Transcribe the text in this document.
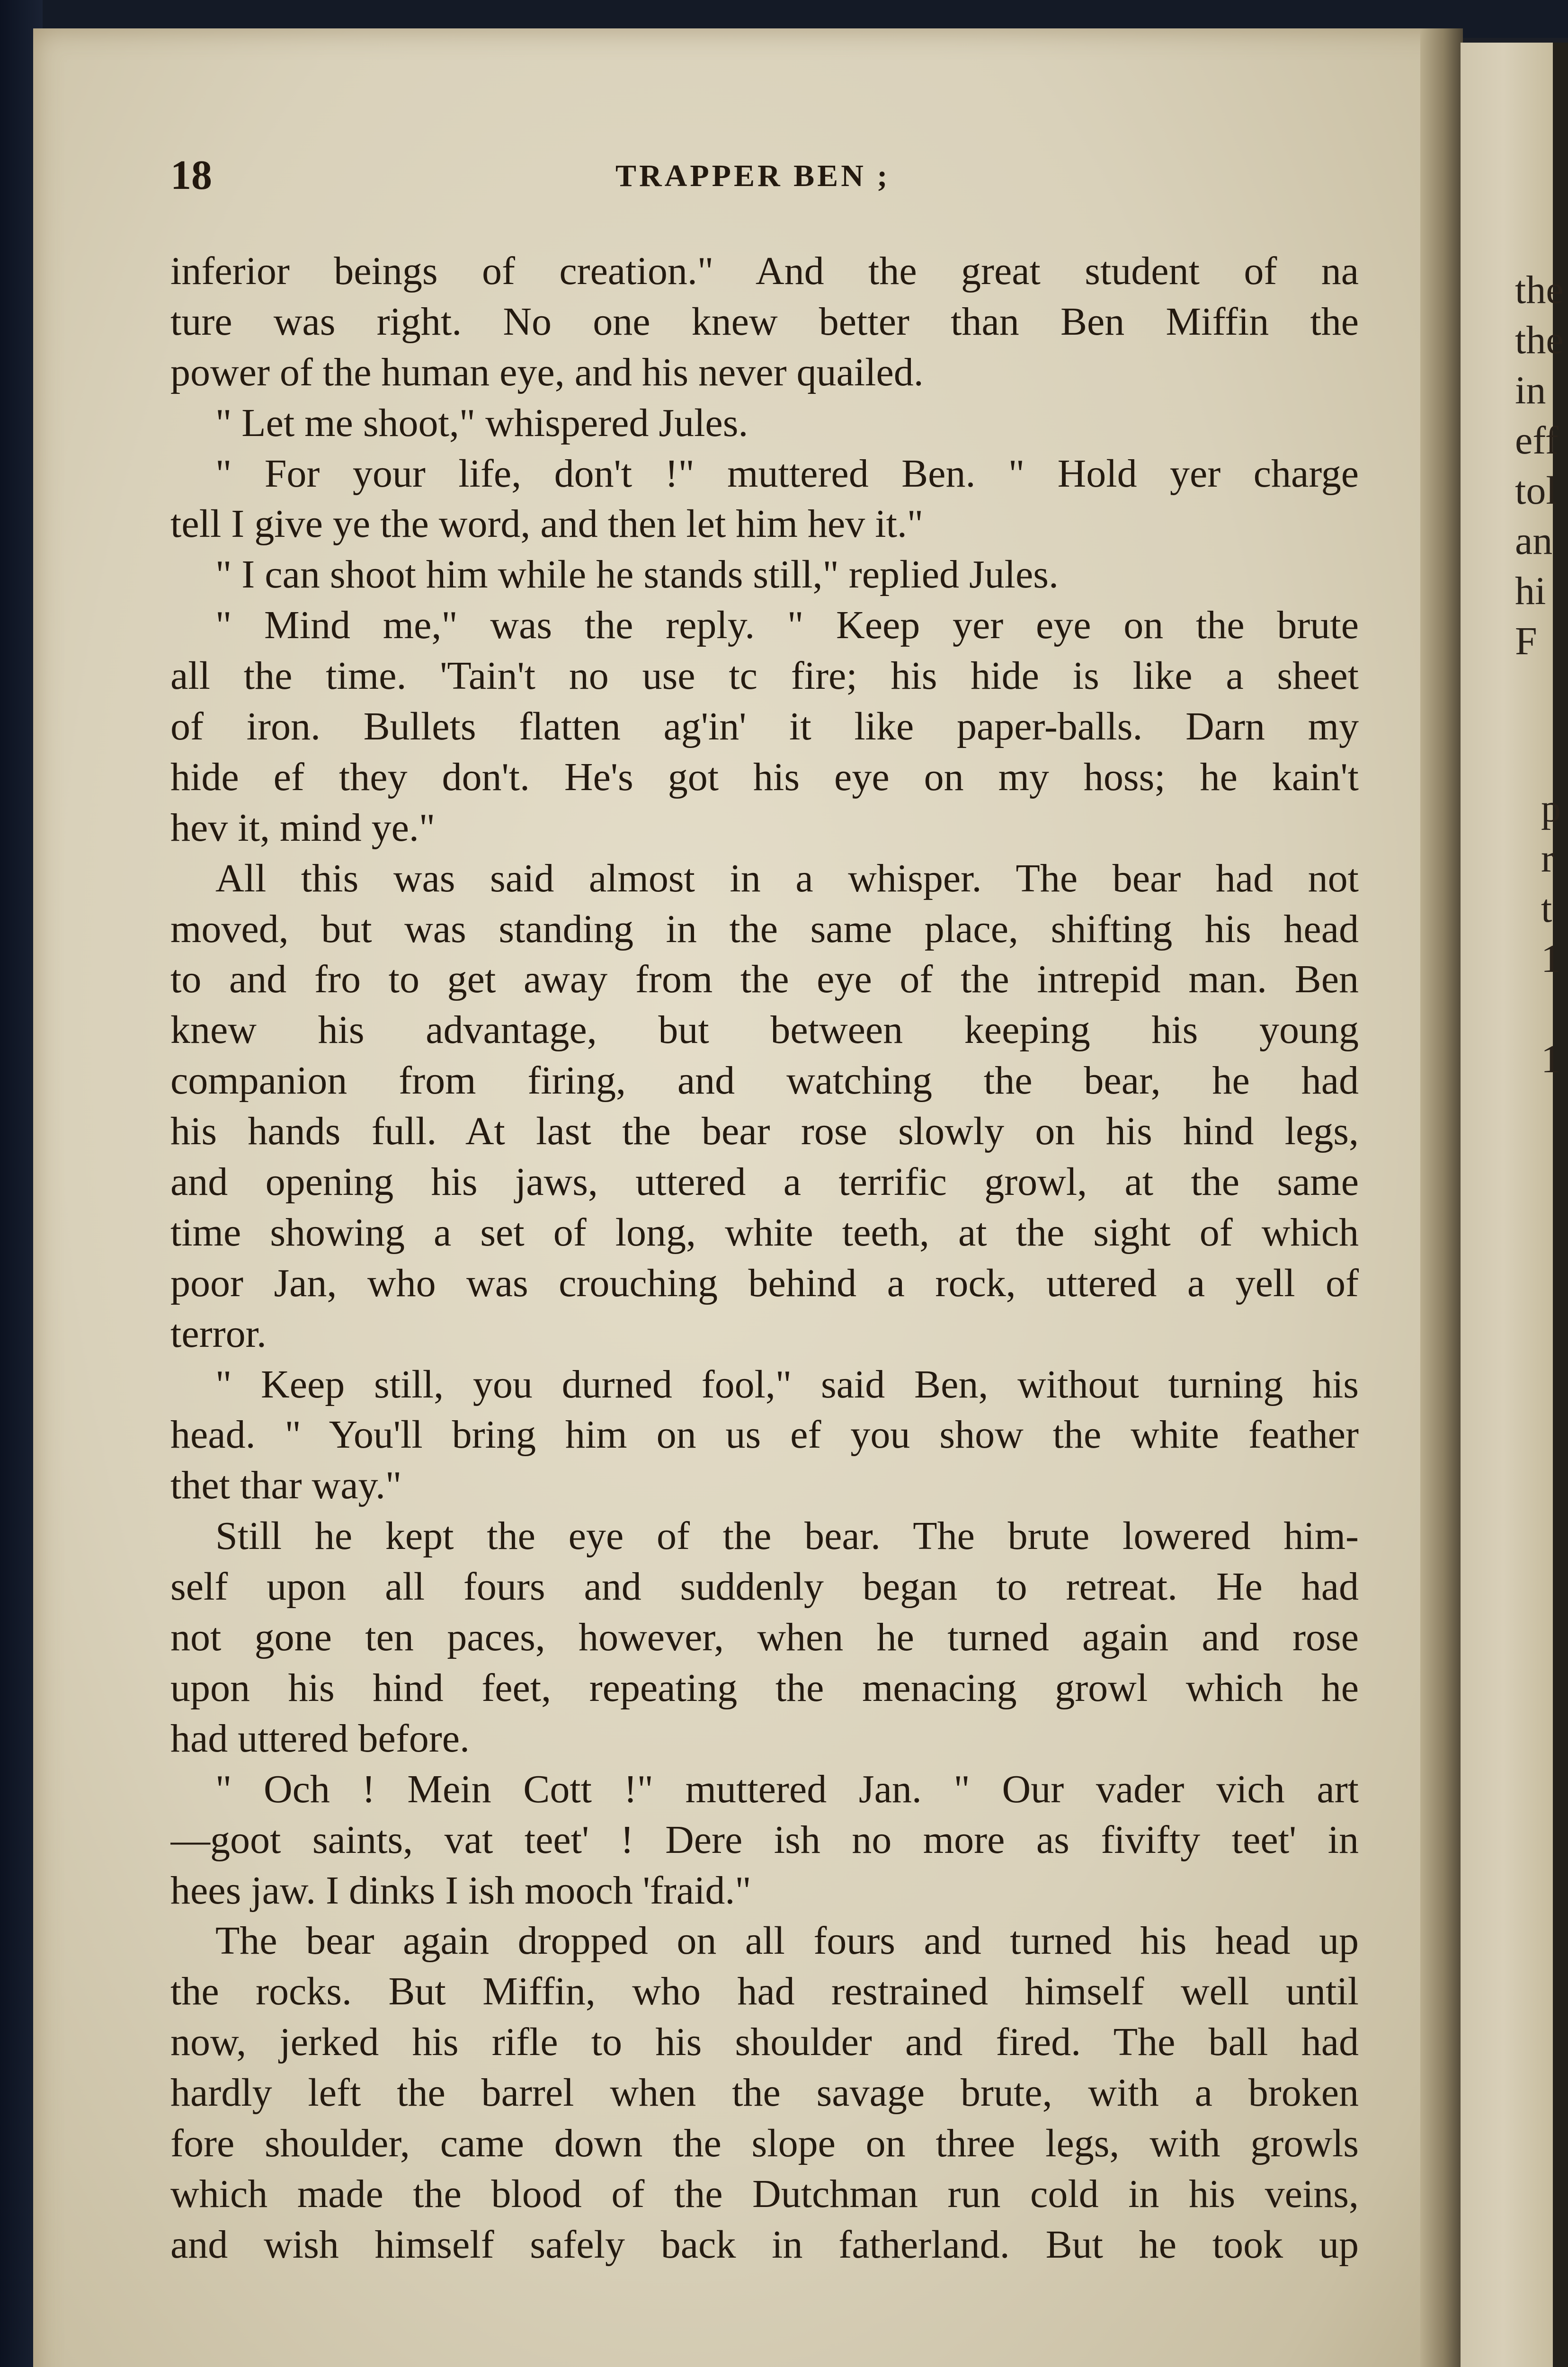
the
the
in
eff
tol
an
hi
F
p
r
t
1
1
18	TRAPPER BEN ;
inferior beings of creation." And the great student of na
ture was right. No one knew better than Ben Miffin the
power of the human eye, and his never quailed.
" Let me shoot," whispered Jules.
" For your life, don't !" muttered Ben. " Hold yer charge
tell I give ye the word, and then let him hev it."
" I can shoot him while he stands still," replied Jules.
" Mind me," was the reply. " Keep yer eye on the brute
all the time. 'Tain't no use tc fire; his hide is like a sheet
of iron. Bullets flatten ag'in' it like paper-balls. Darn my
hide ef they don't. He's got his eye on my hoss; he kain't
hev it, mind ye."
All this was said almost in a whisper. The bear had not
moved, but was standing in the same place, shifting his head
to and fro to get away from the eye of the intrepid man. Ben
knew his advantage, but between keeping his young
companion from firing, and watching the bear, he had
his hands full. At last the bear rose slowly on his hind legs,
and opening his jaws, uttered a terrific growl, at the same
time showing a set of long, white teeth, at the sight of which
poor Jan, who was crouching behind a rock, uttered a yell of
terror.
" Keep still, you durned fool," said Ben, without turning his
head. " You'll bring him on us ef you show the white feather
thet thar way."
Still he kept the eye of the bear. The brute lowered him-
self upon all fours and suddenly began to retreat. He had
not gone ten paces, however, when he turned again and rose
upon his hind feet, repeating the menacing growl which he
had uttered before.
" Och ! Mein Cott !" muttered Jan. " Our vader vich art
—goot saints, vat teet' ! Dere ish no more as fivifty teet' in
hees jaw. I dinks I ish mooch 'fraid."
The bear again dropped on all fours and turned his head up
the rocks. But Miffin, who had restrained himself well until
now, jerked his rifle to his shoulder and fired. The ball had
hardly left the barrel when the savage brute, with a broken
fore shoulder, came down the slope on three legs, with growls
which made the blood of the Dutchman run cold in his veins,
and wish himself safely back in fatherland. But he took up
